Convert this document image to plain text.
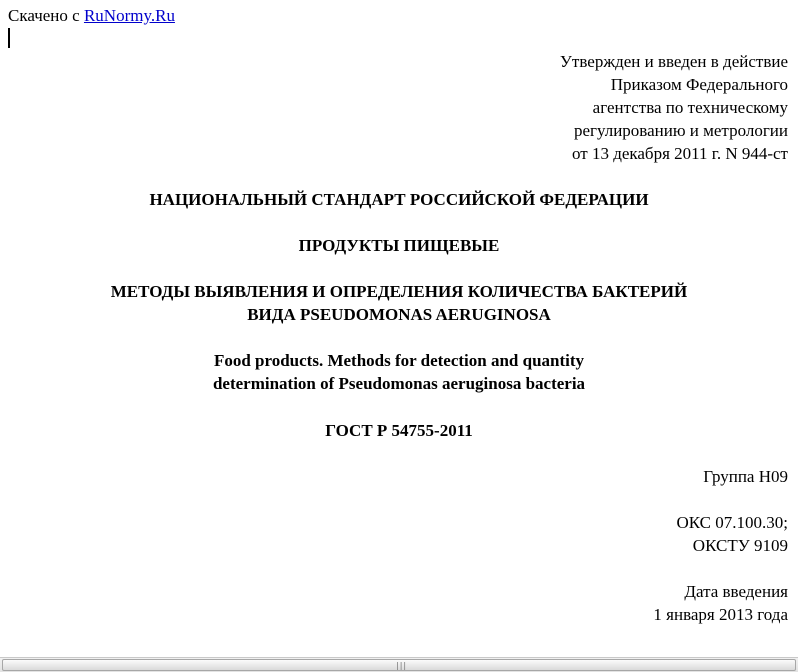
Скачено с RuNormy.Ru
Утвержден и введен в действие
Приказом Федерального
агентства по техническому
регулированию и метрологии
от 13 декабря 2011 г. N 944-ст
НАЦИОНАЛЬНЫЙ СТАНДАРТ РОССИЙСКОЙ ФЕДЕРАЦИИ
ПРОДУКТЫ ПИЩЕВЫЕ
МЕТОДЫ ВЫЯВЛЕНИЯ И ОПРЕДЕЛЕНИЯ КОЛИЧЕСТВА БАКТЕРИЙ
ВИДА PSEUDOMONAS AERUGINOSA
Food products. Methods for detection and quantity
determination of Pseudomonas aeruginosa bacteria
ГОСТ Р 54755-2011
Группа Н09
ОКС 07.100.30;
ОКСТУ 9109
Дата введения
1 января 2013 года
|||
